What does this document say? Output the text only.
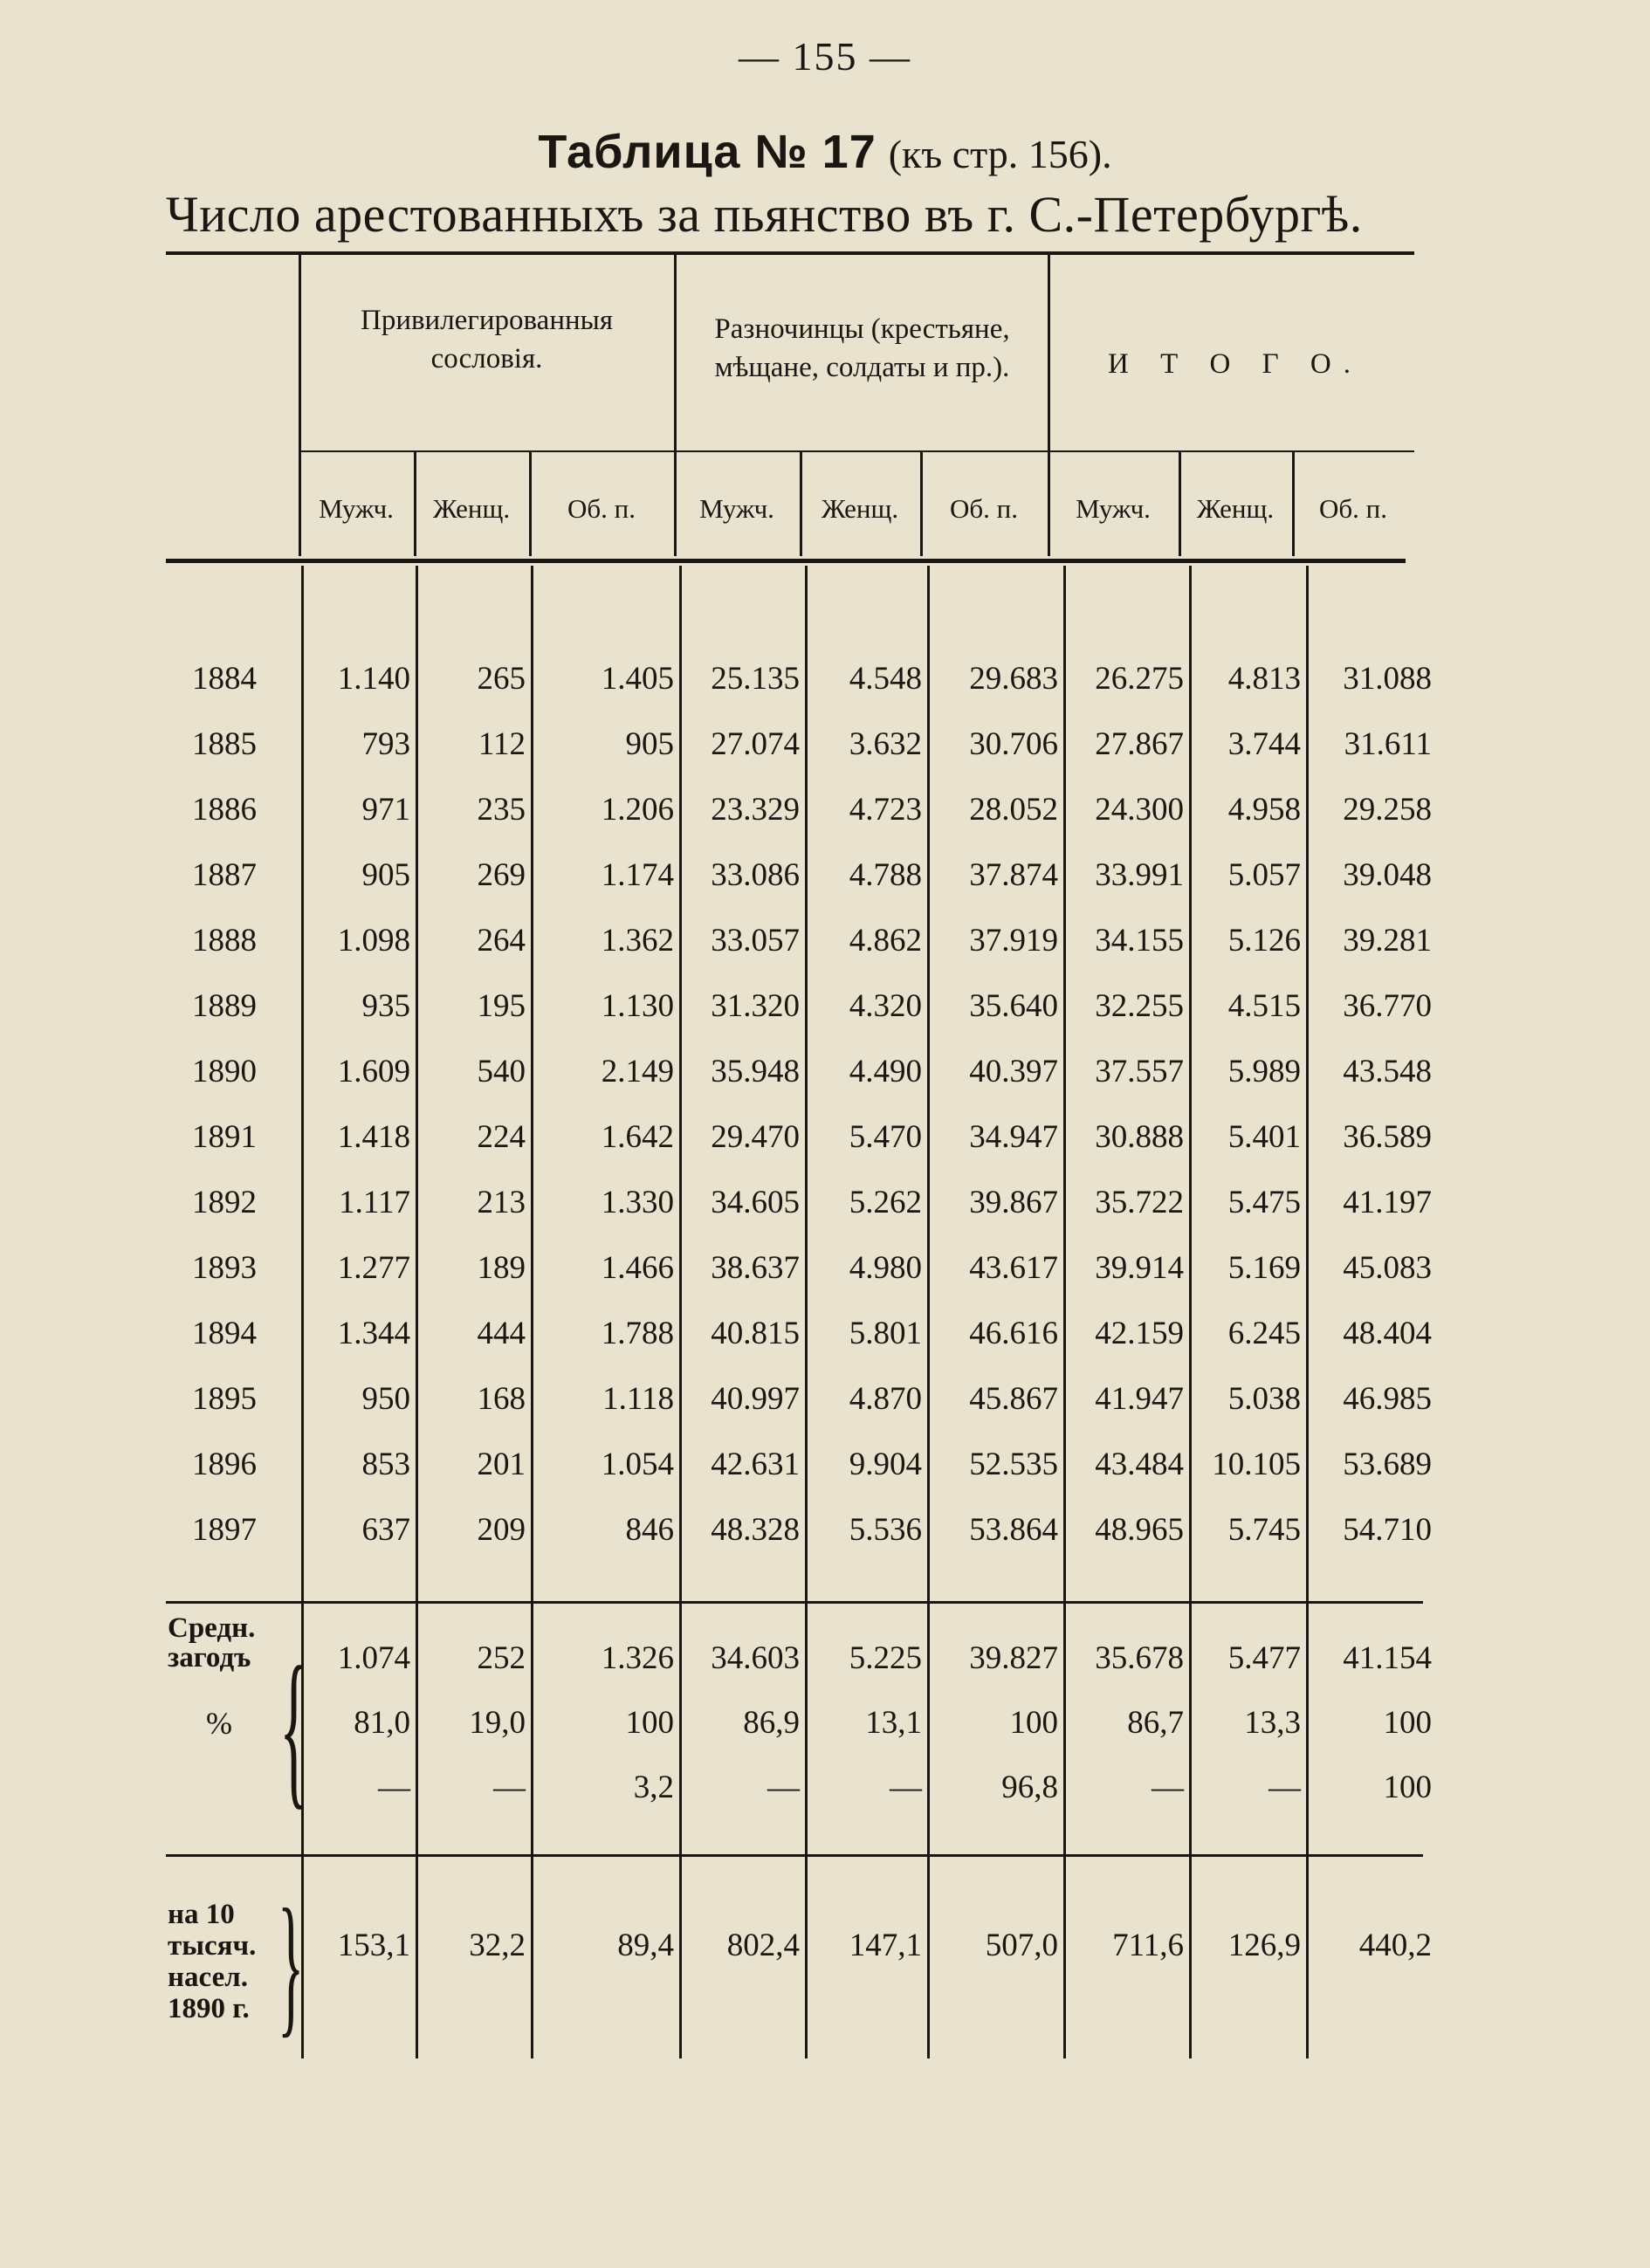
— 155 —
Таблица № 17 (къ стр. 156).
Число арестованныхъ за пьянство въ г. С.-Петербургѣ.
Привилегированныя сословія.
Разночинцы (крестьяне, мѣщане, солдаты и пр.).	И Т О Г О.
Мужч.	Женщ.	Об. п.	Мужч.	Женщ.	Об. п.	Мужч.	Женщ.	Об. п.
1884	1.140	265	1.405	25.135	4.548	29.683	26.275	4.813	31.088
1885	793	112	905	27.074	3.632	30.706	27.867	3.744	31.611
1886	971	235	1.206	23.329	4.723	28.052	24.300	4.958	29.258
1887	905	269	1.174	33.086	4.788	37.874	33.991	5.057	39.048
1888	1.098	264	1.362	33.057	4.862	37.919	34.155	5.126	39.281
1889	935	195	1.130	31.320	4.320	35.640	32.255	4.515	36.770
1890	1.609	540	2.149	35.948	4.490	40.397	37.557	5.989	43.548
1891	1.418	224	1.642	29.470	5.470	34.947	30.888	5.401	36.589
1892	1.117	213	1.330	34.605	5.262	39.867	35.722	5.475	41.197
1893	1.277	189	1.466	38.637	4.980	43.617	39.914	5.169	45.083
1894	1.344	444	1.788	40.815	5.801	46.616	42.159	6.245	48.404
1895	950	168	1.118	40.997	4.870	45.867	41.947	5.038	46.985
1896	853	201	1.054	42.631	9.904	52.535	43.484	10.105	53.689
1897	637	209	846	48.328	5.536	53.864	48.965	5.745	54.710
Средн.
загодъ
% { 1.074	252	1.326	34.603	5.225	39.827	35.678	5.477	41.154
81,0	19,0	100	86,9	13,1	100	86,7	13,3	100
—	—	3,2	—	—	96,8	—	—	100
на 10
тысяч.
насел.
1890 г. }	153,1	32,2	89,4	802,4	147,1	507,0	711,6	126,9	440,2
